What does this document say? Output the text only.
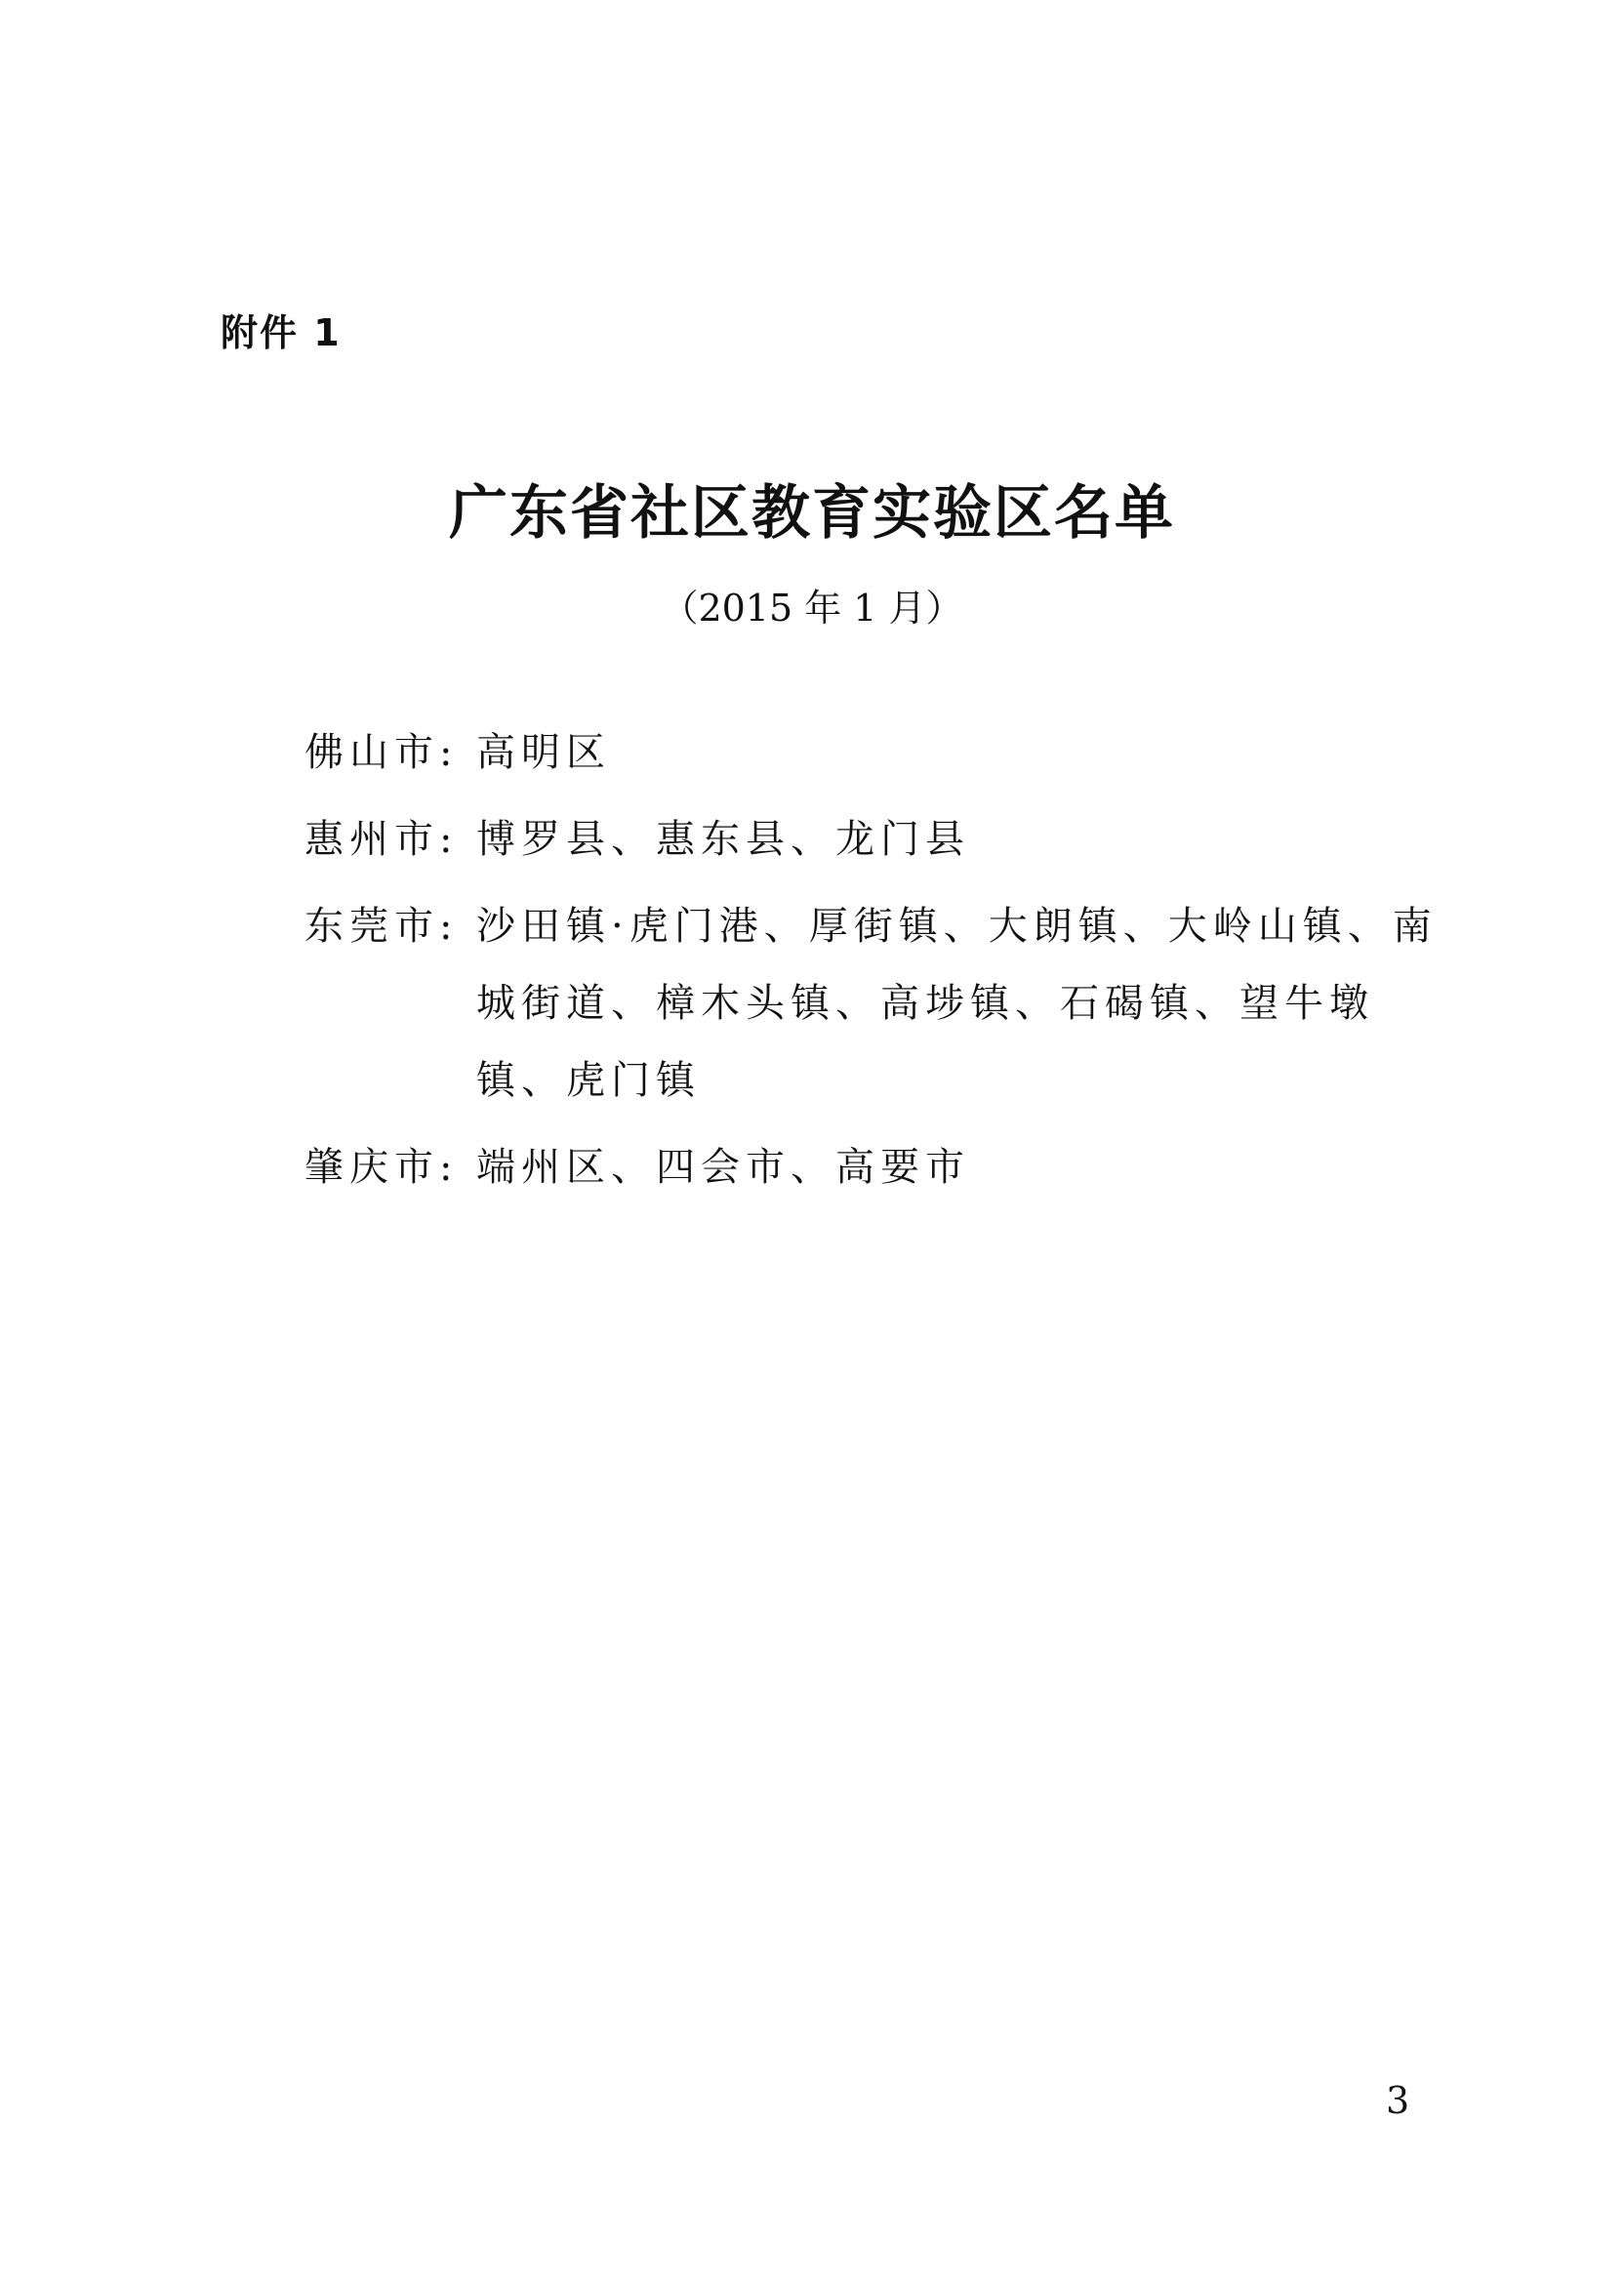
附件 1
广东省社区教育实验区名单
（2015 年 1 月）
佛山市: 高明区
惠州市: 博罗县、惠东县、龙门县
东莞市: 沙田镇·虎门港、厚街镇、大朗镇、大岭山镇、南城街道、樟木头镇、高埗镇、石碣镇、望牛墩镇、虎门镇
肇庆市: 端州区、四会市、高要市
3
